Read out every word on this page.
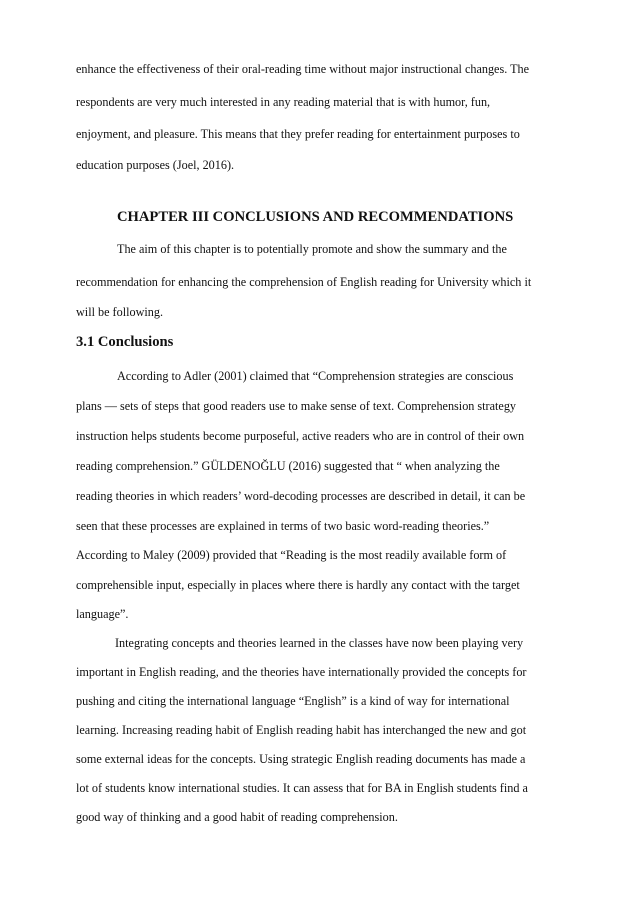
enhance the effectiveness of their oral-reading time without major instructional changes. The
respondents are very much interested in any reading material that is with humor, fun,
enjoyment, and pleasure. This means that they prefer reading for entertainment purposes to
education purposes (Joel, 2016).
CHAPTER III CONCLUSIONS AND RECOMMENDATIONS
The aim of this chapter is to potentially promote and show the summary and the
recommendation for enhancing the comprehension of English reading for University which it
will be following.
3.1 Conclusions
According to Adler (2001) claimed that “Comprehension strategies are conscious
plans — sets of steps that good readers use to make sense of text. Comprehension strategy
instruction helps students become purposeful, active readers who are in control of their own
reading comprehension.” GÜLDENOĞLU (2016) suggested that “ when analyzing the
reading theories in which readers’ word-decoding processes are described in detail, it can be
seen that these processes are explained in terms of two basic word-reading theories.”
According to Maley (2009) provided that “Reading is the most readily available form of
comprehensible input, especially in places where there is hardly any contact with the target
language”.
Integrating concepts and theories learned in the classes have now been playing very
important in English reading, and the theories have internationally provided the concepts for
pushing and citing the international language “English” is a kind of way for international
learning. Increasing reading habit of English reading habit has interchanged the new and got
some external ideas for the concepts. Using strategic English reading documents has made a
lot of students know international studies. It can assess that for BA in English students find a
good way of thinking and a good habit of reading comprehension.
